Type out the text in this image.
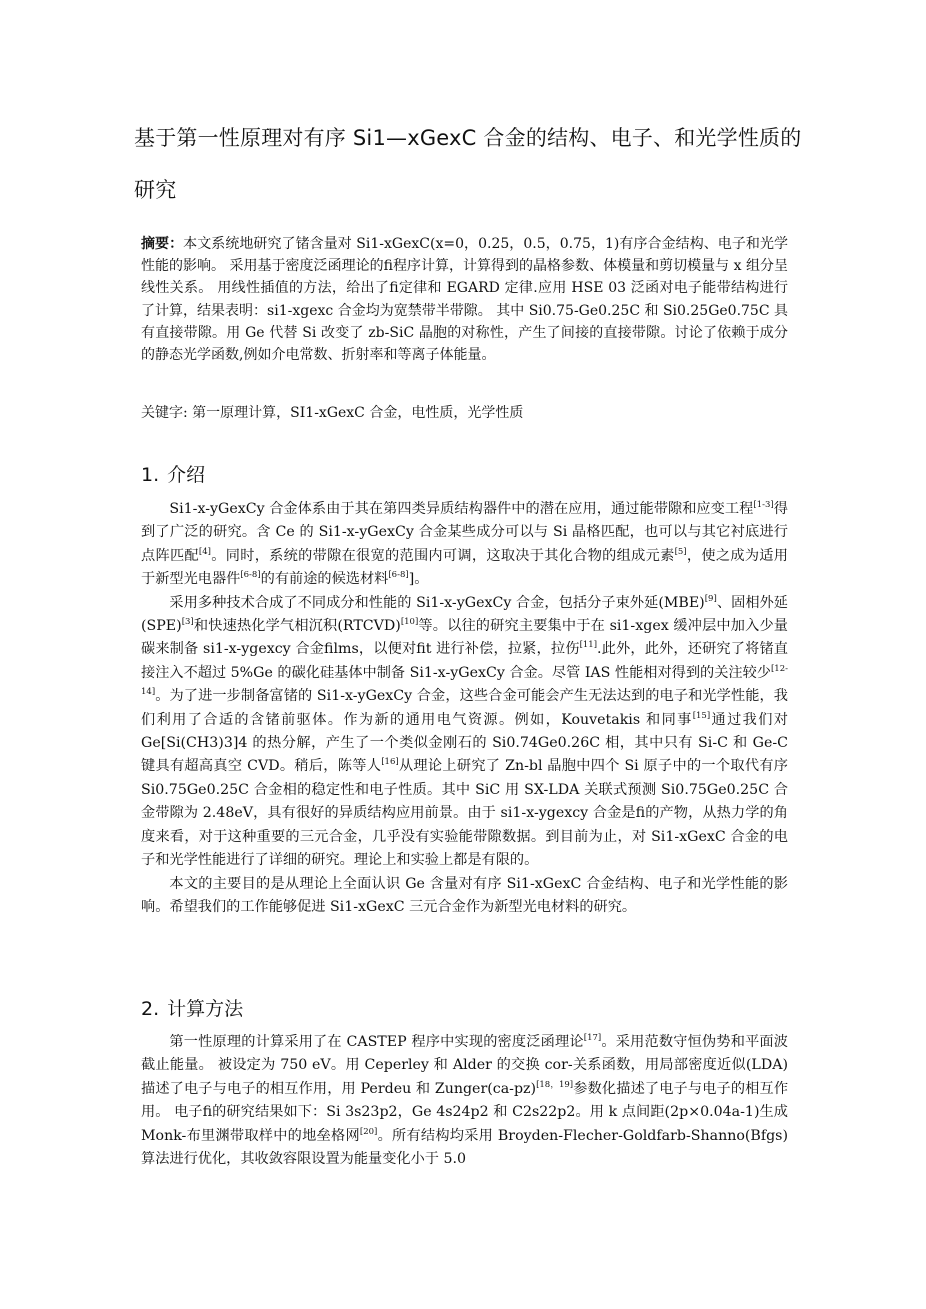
基于第一性原理对有序 Si1—xGexC 合金的结构、电子、和光学性质的研究
摘要：本文系统地研究了锗含量对 Si1-xGexC(x=0，0.25，0.5，0.75，1)有序合金结构、电子和光学性能的影响。 采用基于密度泛函理论的ﬁ程序计算，计算得到的晶格参数、体模量和剪切模量与 x 组分呈线性关系。 用线性插值的方法，给出了ﬁ定律和 EGARD 定律.应用 HSE 03 泛函对电子能带结构进行了计算，结果表明：si1-xgexc 合金均为宽禁带半带隙。 其中 Si0.75-Ge0.25C 和 Si0.25Ge0.75C 具有直接带隙。用 Ge 代替 Si 改变了 zb-SiC 晶胞的对称性，产生了间接的直接带隙。讨论了依赖于成分的静态光学函数,例如介电常数、折射率和等离子体能量。
关键字: 第一原理计算，SI1-xGexC 合金，电性质，光学性质
1. 介绍

Si1-x-yGexCy 合金体系由于其在第四类异质结构器件中的潜在应用，通过能带隙和应变工程[1-3]得到了广泛的研究。含 Ce 的 Si1-x-yGexCy 合金某些成分可以与 Si 晶格匹配，也可以与其它衬底进行点阵匹配[4]。同时，系统的带隙在很宽的范围内可调，这取决于其化合物的组成元素[5]，使之成为适用于新型光电器件[6-8]的有前途的候选材料[6-8]]。

采用多种技术合成了不同成分和性能的 Si1-x-yGexCy 合金，包括分子束外延(MBE)[9]、固相外延(SPE)[3]和快速热化学气相沉积(RTCVD)[10]等。以往的研究主要集中于在 si1-xgex 缓冲层中加入少量碳来制备 si1-x-ygexcy 合金ﬁlms，以便对ﬁt 进行补偿，拉紧，拉伤[11].此外，此外，还研究了将锗直接注入不超过 5%Ge 的碳化硅基体中制备 Si1-x-yGexCy 合金。尽管 IAS 性能相对得到的关注较少[12-14]。为了进一步制备富锗的 Si1-x-yGexCy 合金，这些合金可能会产生无法达到的电子和光学性能，我们利用了合适的含锗前驱体。作为新的通用电气资源。例如，Kouvetakis 和同事[15]通过我们对 Ge[Si(CH3)3]4 的热分解，产生了一个类似金刚石的 Si0.74Ge0.26C 相，其中只有 Si-C 和 Ge-C 键具有超高真空 CVD。稍后，陈等人[16]从理论上研究了 Zn-bl 晶胞中四个 Si 原子中的一个取代有序 Si0.75Ge0.25C 合金相的稳定性和电子性质。其中 SiC 用 SX-LDA 关联式预测 Si0.75Ge0.25C 合金带隙为 2.48eV，具有很好的异质结构应用前景。由于 si1-x-ygexcy 合金是ﬁ的产物，从热力学的角度来看，对于这种重要的三元合金，几乎没有实验能带隙数据。到目前为止，对 Si1-xGexC 合金的电子和光学性能进行了详细的研究。理论上和实验上都是有限的。

本文的主要目的是从理论上全面认识 Ge 含量对有序 Si1-xGexC 合金结构、电子和光学性能的影响。希望我们的工作能够促进 Si1-xGexC 三元合金作为新型光电材料的研究。

2. 计算方法

第一性原理的计算采用了在 CASTEP 程序中实现的密度泛函理论[17]。采用范数守恒伪势和平面波截止能量。 被设定为 750 eV。用 Ceperley 和 Alder 的交换 cor-关系函数，用局部密度近似(LDA)描述了电子与电子的相互作用，用 Perdeu 和 Zunger(ca-pz)[18，19]参数化描述了电子与电子的相互作用。 电子ﬁ的研究结果如下：Si 3s23p2，Ge 4s24p2 和 C2s22p2。用 k 点间距(2p×0.04a-1)生成 Monk-布里渊带取样中的地垒格网[20]。所有结构均采用 Broyden-Flecher-Goldfarb-Shanno(Bfgs)算法进行优化，其收敛容限设置为能量变化小于 5.0
